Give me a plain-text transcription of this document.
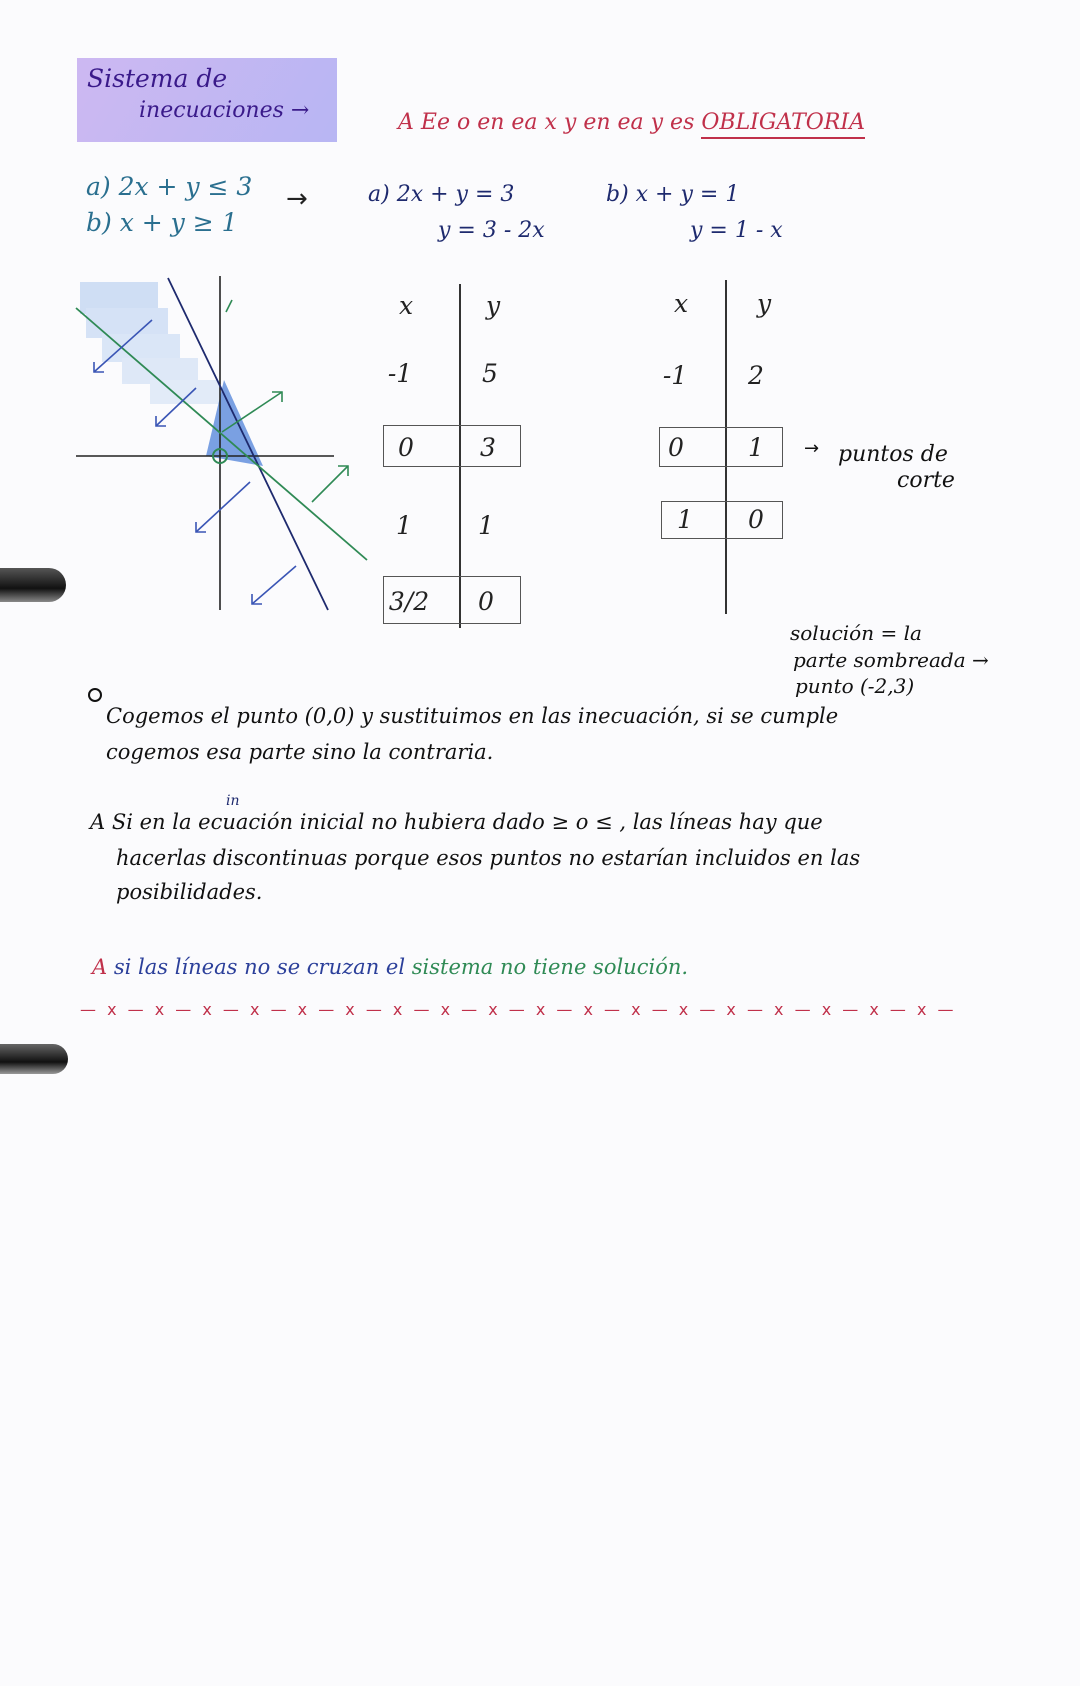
Sistema de
inecuaciones →	A Ee o en ea x y en ea y es OBLIGATORIA
a) 2x + y ≤ 3
b) x + y ≥ 1
→	a) 2x + y = 3
y = 3 - 2x
b) x + y = 1
y = 1 - x
x	y
-1	5
0	3
1	1
3/2	0
x	y
-1	2
0	1
1	0
→ puntos de
corte
solución = la
parte sombreada →
punto (-2,3)
Cogemos el punto (0,0) y sustituimos en las inecuación, si se cumple
cogemos esa parte sino la contraria.
in
A Si en la ecuación inicial no hubiera dado ≥ o ≤ , las líneas hay que
hacerlas discontinuas porque esos puntos no estarían incluidos en las
posibilidades.
A si las líneas no se cruzan el sistema no tiene solución.
— x — x — x — x — x — x — x — x — x — x — x — x — x — x — x — x — x — x —
